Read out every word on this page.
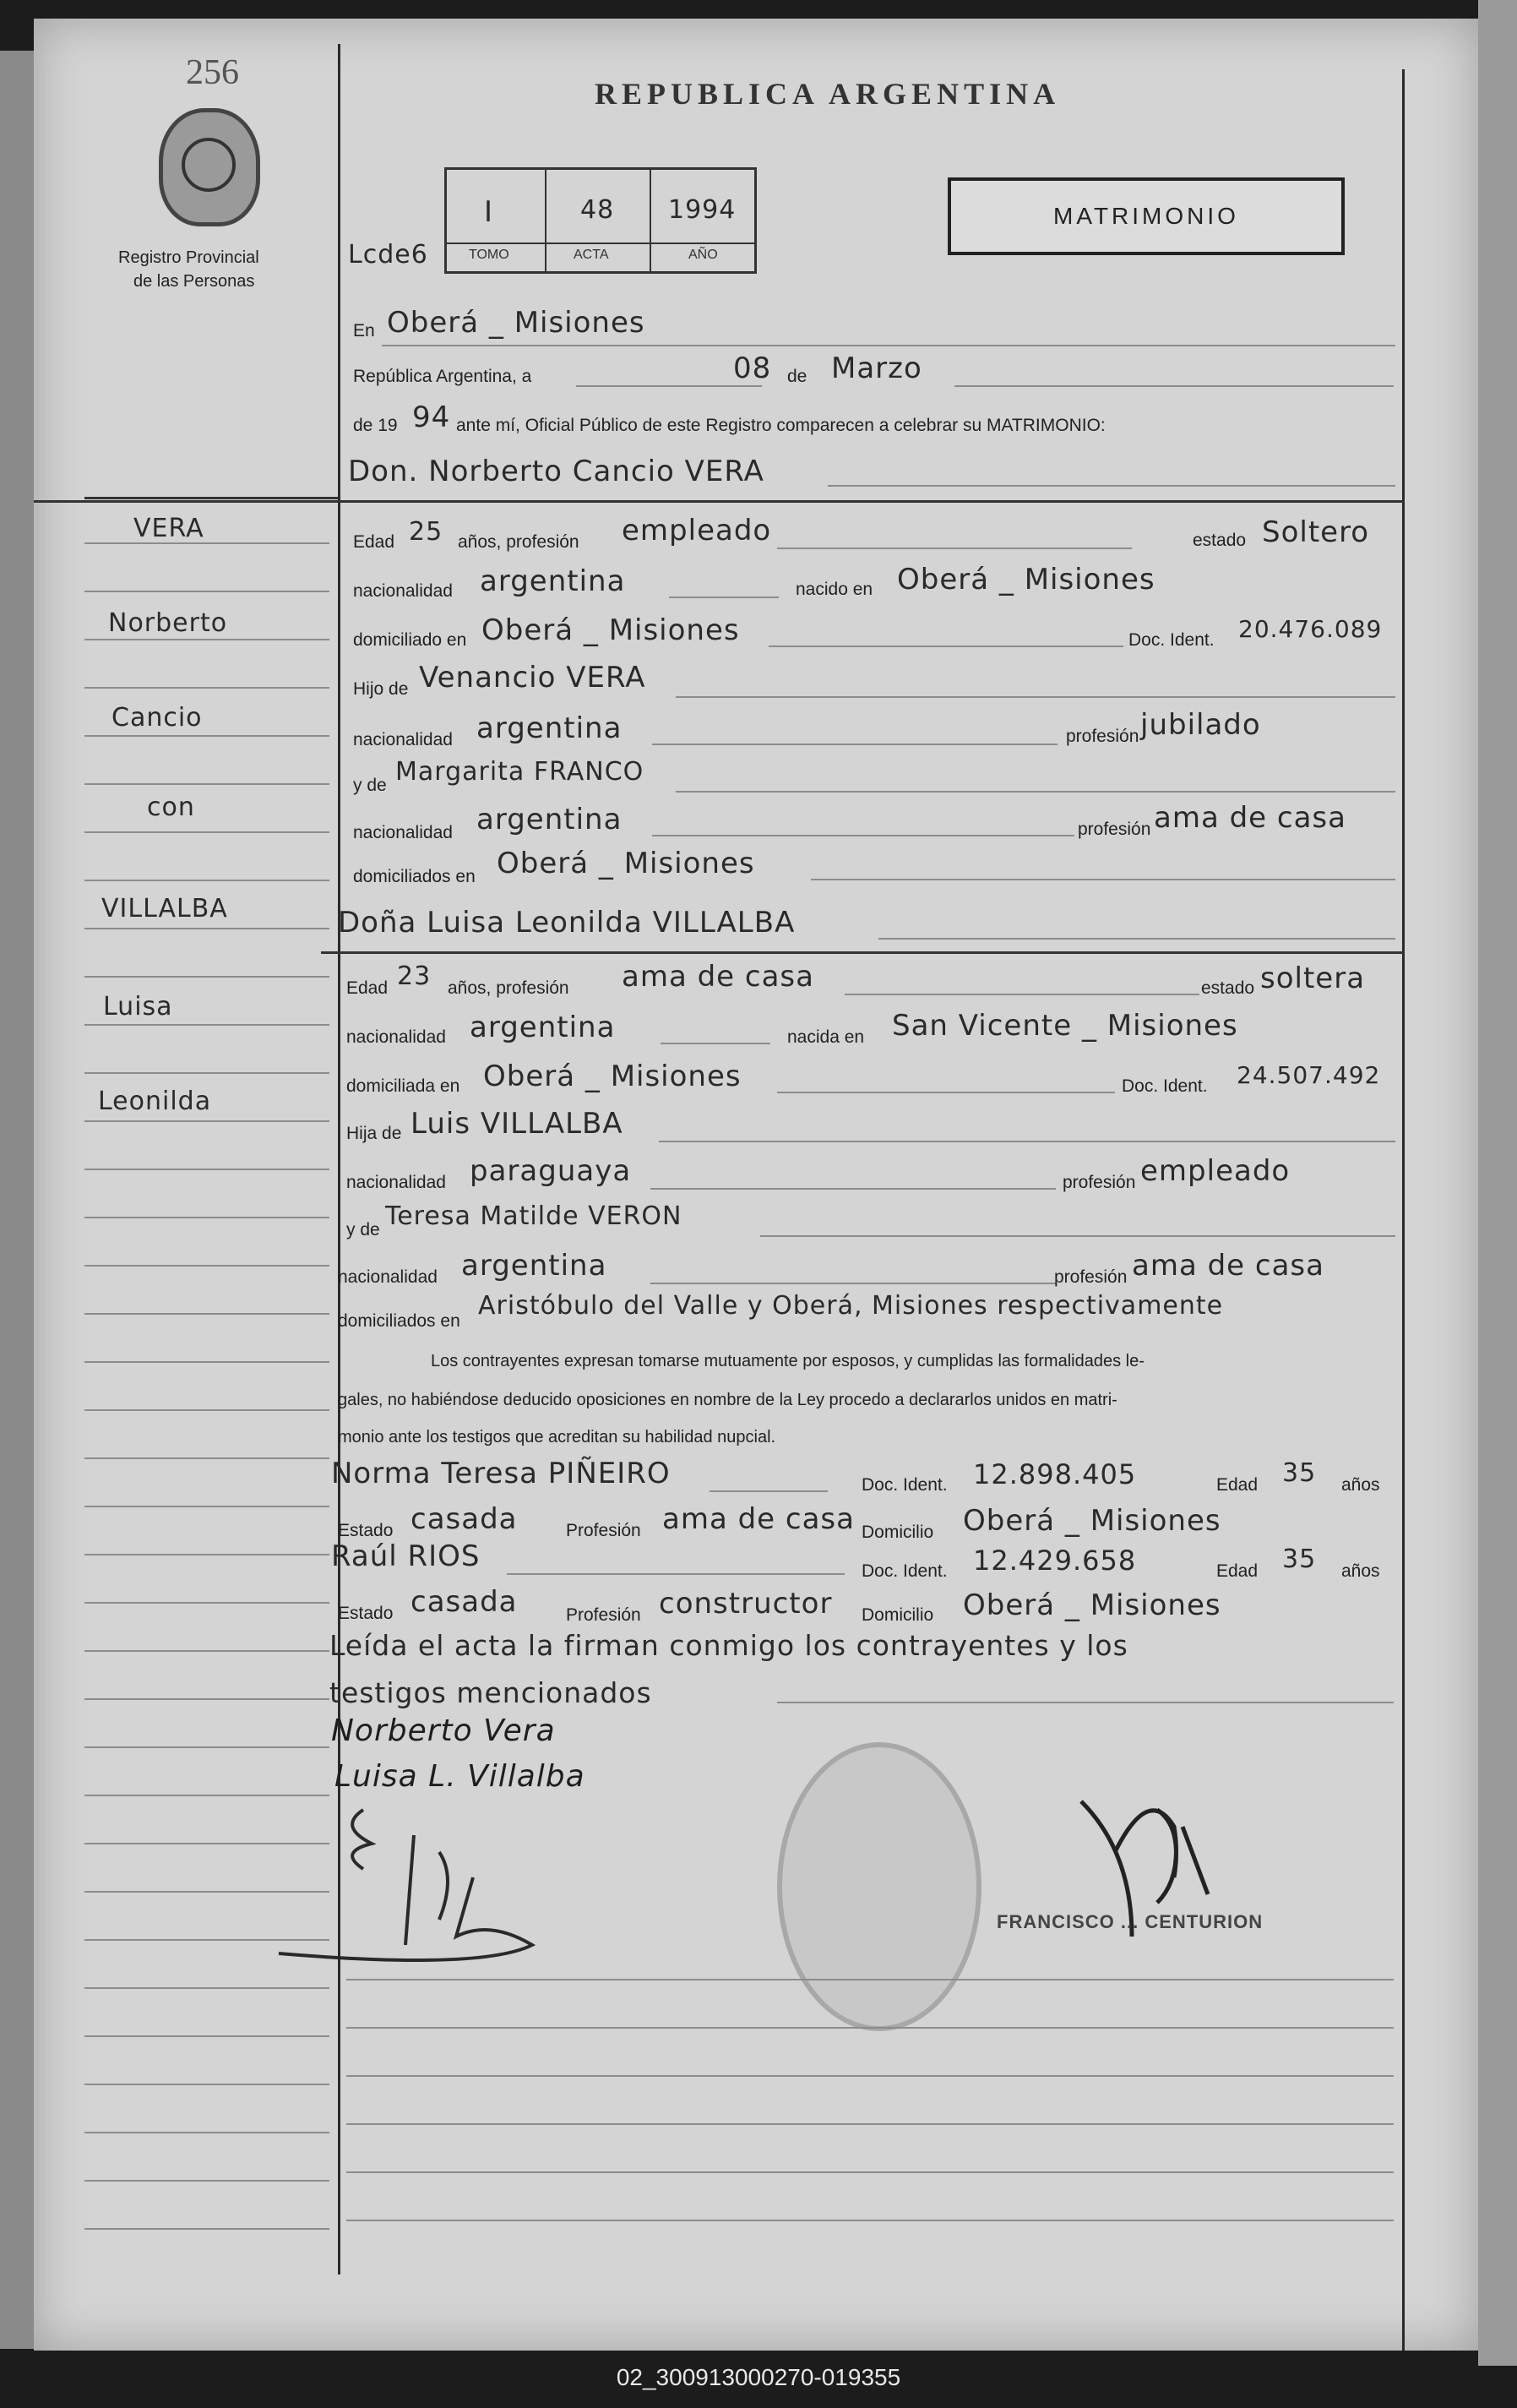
256
Registro Provincial
de las Personas
REPUBLICA ARGENTINA
MATRIMONIO
Lcde6
I
TOMO
48
ACTA
1994
AÑO
En Oberá _ Misiones
República Argentina, a	08 de Marzo
de 19 94 ante mí, Oficial Público de este Registro comparecen a celebrar su MATRIMONIO:
Don. Norberto Cancio VERA
Edad 25 años, profesión empleado	estado Soltero
nacionalidad argentina	nacido en Oberá _ Misiones
domiciliado en Oberá _ Misiones	Doc. Ident. 20.476.089
Hijo de Venancio VERA
nacionalidad argentina	profesión jubilado
y de Margarita FRANCO
nacionalidad argentina	profesión ama de casa
domiciliados en Oberá _ Misiones
Doña Luisa Leonilda VILLALBA
Edad 23 años, profesión ama de casa	estado soltera
nacionalidad argentina	nacida en San Vicente _ Misiones
domiciliada en Oberá _ Misiones	Doc. Ident. 24.507.492
Hija de Luis VILLALBA
nacionalidad paraguaya	profesión empleado
y de Teresa Matilde VERON
nacionalidad argentina	profesión ama de casa
domiciliados en
Aristóbulo del Valle y Oberá, Misiones respectivamente
Los contrayentes expresan tomarse mutuamente por esposos, y cumplidas las formalidades le-
gales, no habiéndose deducido oposiciones en nombre de la Ley procedo a declararlos unidos en matri-
monio ante los testigos que acreditan su habilidad nupcial.
Norma Teresa PIÑEIRO	Doc. Ident. 12.898.405	Edad 35 años
Estado casada	Profesión ama de casa Domicilio Oberá _ Misiones
Raúl RIOS	Doc. Ident. 12.429.658	Edad 35 años
Estado casada	Profesión constructor Domicilio Oberá _ Misiones
Leída el acta la firman conmigo los contrayentes y los
testigos mencionados
Norberto Vera
Luisa L. Villalba
FRANCISCO ... CENTURION
VERA
Norberto
Cancio
con
VILLALBA
Luisa
Leonilda
02_300913000270-019355
